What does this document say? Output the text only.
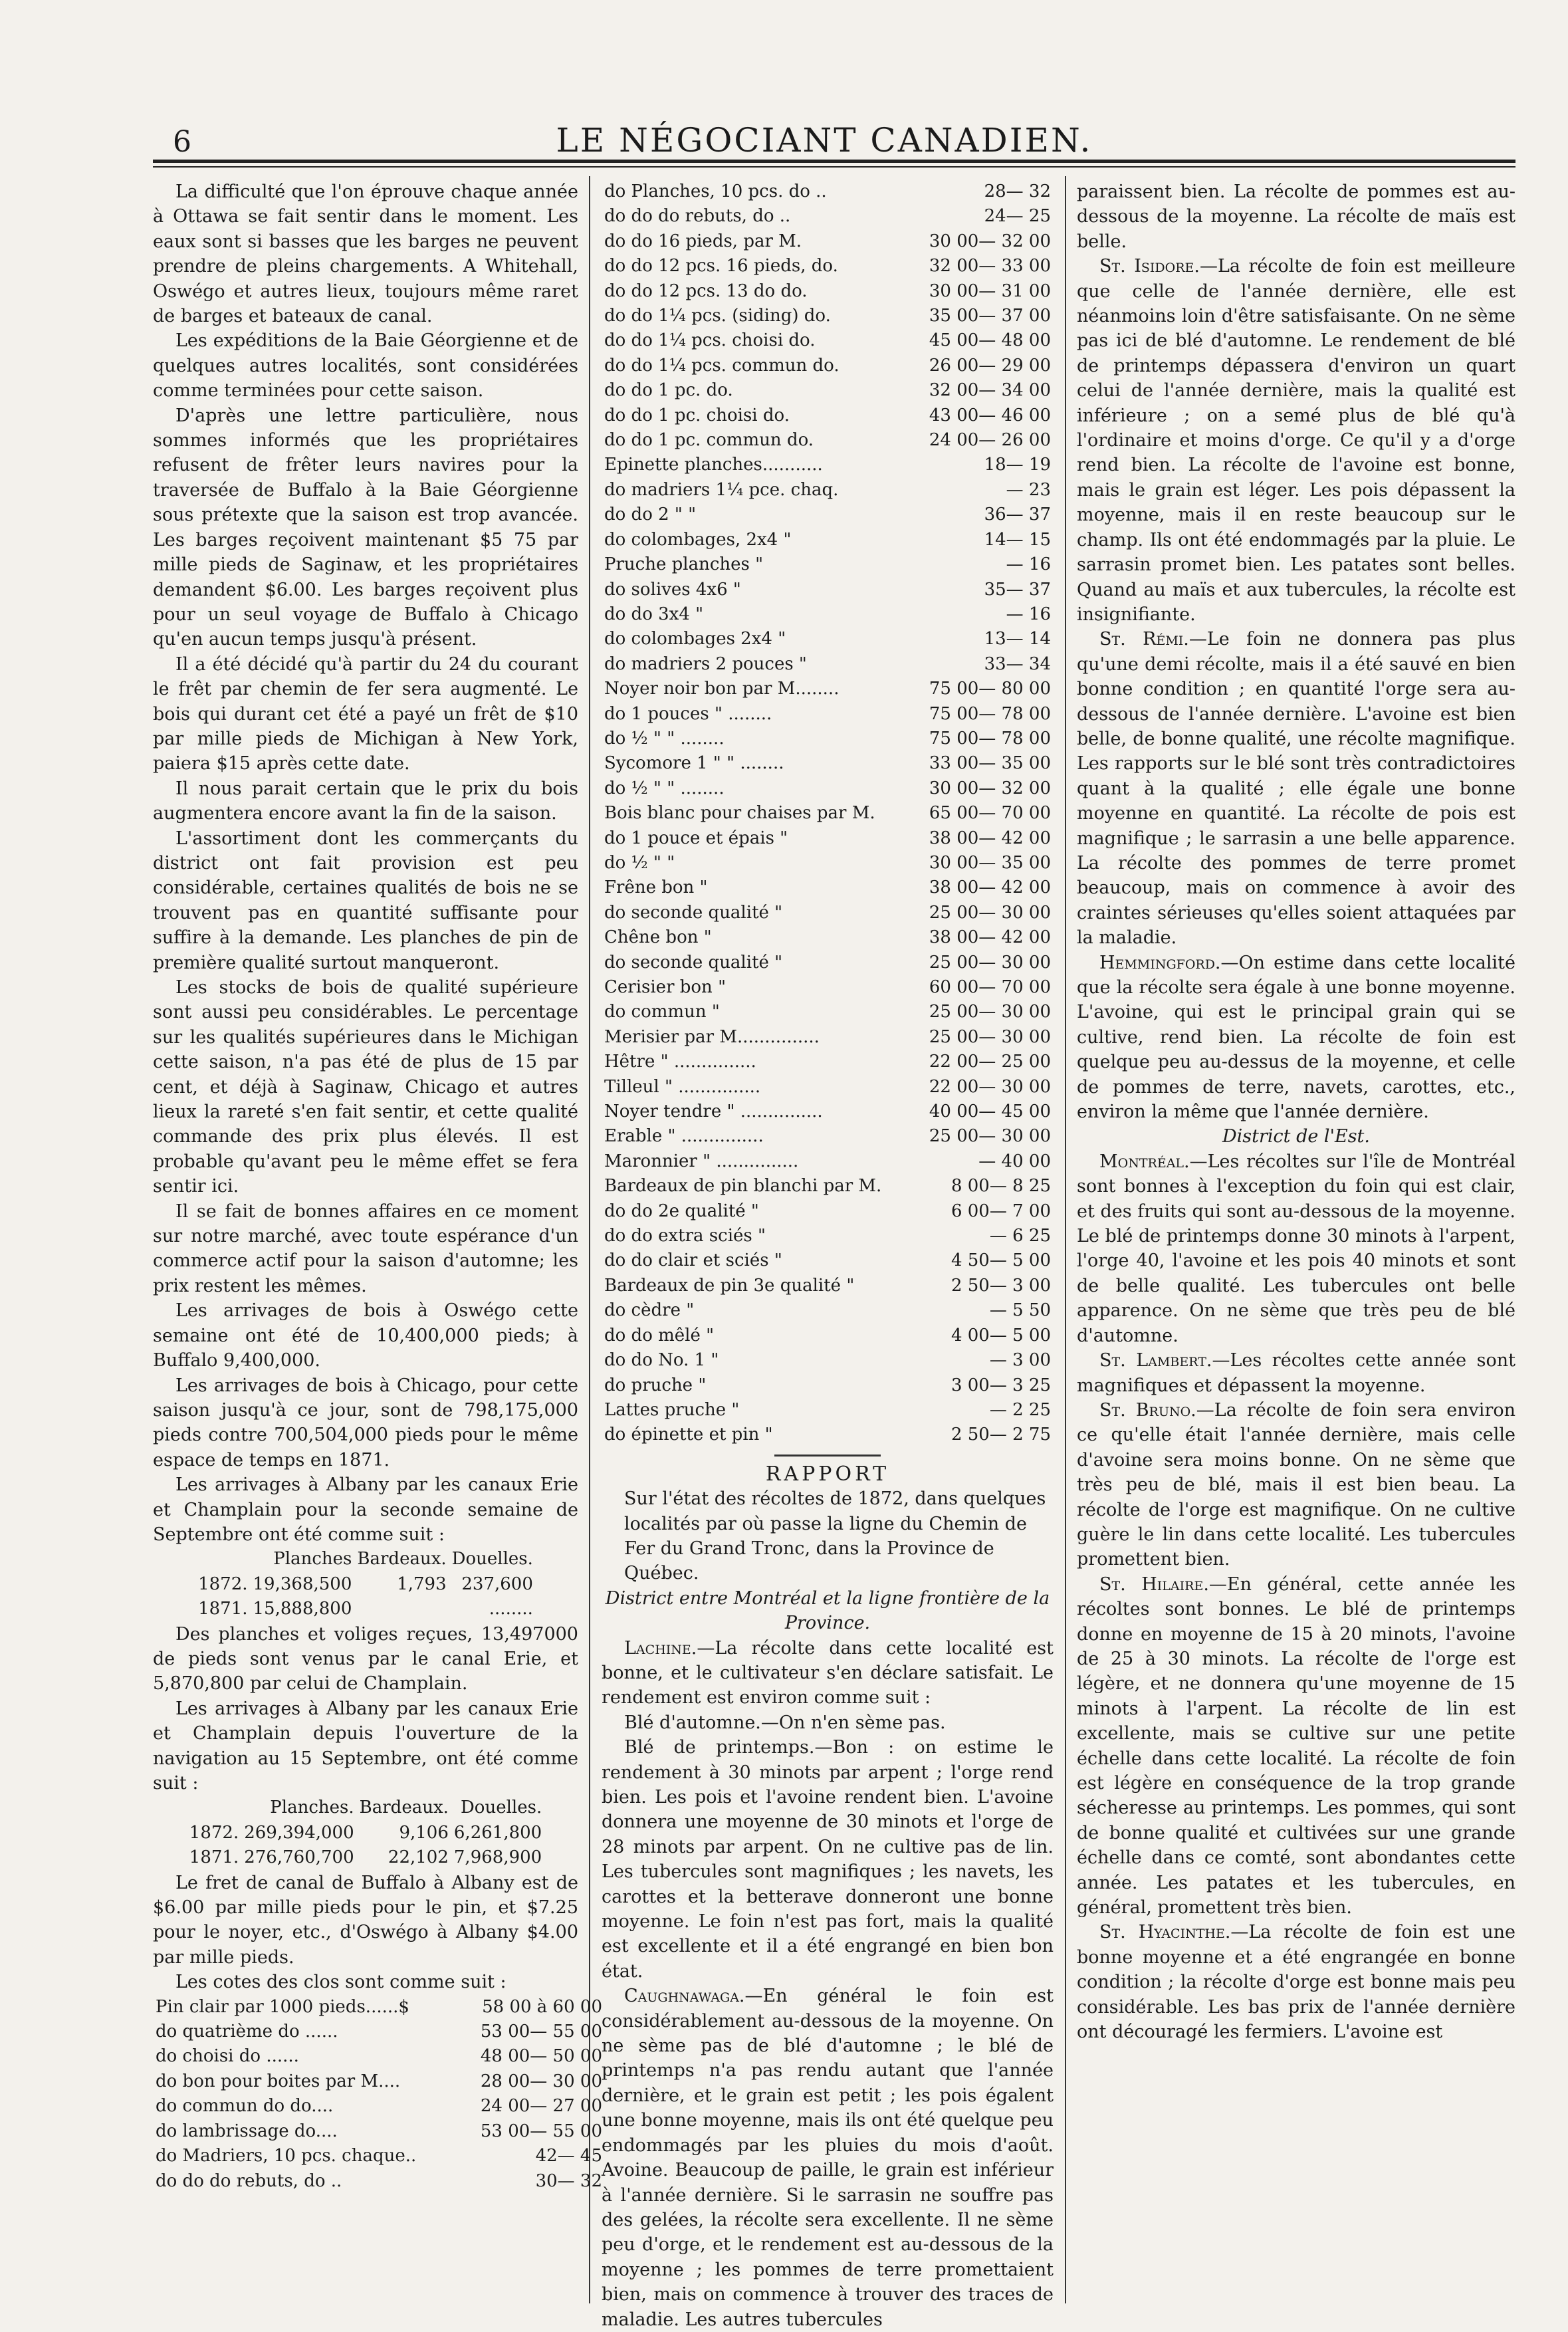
6	LE NÉGOCIANT CANADIEN.

La difficulté que l'on éprouve chaque année à Ottawa se fait sentir dans le moment. Les eaux sont si basses que les barges ne peuvent prendre de pleins chargements. A Whitehall, Oswégo et autres lieux, toujours même raret de barges et bateaux de canal.

Les expéditions de la Baie Géorgienne et de quelques autres localités, sont considérées comme terminées pour cette saison.

D'après une lettre particulière, nous sommes informés que les propriétaires refusent de frêter leurs navires pour la traversée de Buffalo à la Baie Géorgienne sous prétexte que la saison est trop avancée. Les barges reçoivent maintenant $5 75 par mille pieds de Saginaw, et les propriétaires demandent $6.00. Les barges reçoivent plus pour un seul voyage de Buffalo à Chicago qu'en aucun temps jusqu'à présent.

Il a été décidé qu'à partir du 24 du courant le frêt par chemin de fer sera augmenté. Le bois qui durant cet été a payé un frêt de $10 par mille pieds de Michigan à New York, paiera $15 après cette date.

Il nous parait certain que le prix du bois augmentera encore avant la fin de la saison.

L'assortiment dont les commerçants du district ont fait provision est peu considérable, certaines qualités de bois ne se trouvent pas en quantité suffisante pour suffire à la demande. Les planches de pin de première qualité surtout manqueront.

Les stocks de bois de qualité supérieure sont aussi peu considérables. Le percentage sur les qualités supérieures dans le Michigan cette saison, n'a pas été de plus de 15 par cent, et déjà à Saginaw, Chicago et autres lieux la rareté s'en fait sentir, et cette qualité commande des prix plus élevés. Il est probable qu'avant peu le même effet se fera sentir ici.

Il se fait de bonnes affaires en ce moment sur notre marché, avec toute espérance d'un commerce actif pour la saison d'automne; les prix restent les mêmes.

Les arrivages de bois à Oswégo cette semaine ont été de 10,400,000 pieds; à Buffalo 9,400,000.

Les arrivages de bois à Chicago, pour cette saison jusqu'à ce jour, sont de 798,175,000 pieds contre 700,504,000 pieds pour le même espace de temps en 1871.

Les arrivages à Albany par les canaux Erie et Champlain pour la seconde semaine de Septembre ont été comme suit :

	Planches	Bardeaux.	Douelles.
1872.	19,368,500	1,793	237,600
1871.	15,888,800		........

Des planches et voliges reçues, 13,497000 de pieds sont venus par le canal Erie, et 5,870,800 par celui de Champlain.

Les arrivages à Albany par les canaux Erie et Champlain depuis l'ouverture de la navigation au 15 Septembre, ont été comme suit :

	Planches.	Bardeaux.	Douelles.
1872.	269,394,000	9,106	6,261,800
1871.	276,760,700	22,102	7,968,900

Le fret de canal de Buffalo à Albany est de $6.00 par mille pieds pour le pin, et $7.25 pour le noyer, etc., d'Oswégo à Albany $4.00 par mille pieds.

Les cotes des clos sont comme suit :

Pin clair par 1000 pieds......$	58 00 à 60 00
do quatrième do ......	53 00— 55 00
do choisi do ......	48 00— 50 00
do bon pour boites par M....	28 00— 30 00
do commun do do....	24 00— 27 00
do lambrissage do....	53 00— 55 00
do Madriers, 10 pcs. chaque..	42— 45
do do do rebuts, do ..	30— 32
do Planches, 10 pcs. do ..	28— 32
do do do rebuts, do ..	24— 25
do do 16 pieds, par M.	30 00— 32 00
do do 12 pcs. 16 pieds, do.	32 00— 33 00
do do 12 pcs. 13 do do.	30 00— 31 00
do do 1¼ pcs. (siding) do.	35 00— 37 00
do do 1¼ pcs. choisi do.	45 00— 48 00
do do 1¼ pcs. commun do.	26 00— 29 00
do do 1 pc. do.	32 00— 34 00
do do 1 pc. choisi do.	43 00— 46 00
do do 1 pc. commun do.	24 00— 26 00
Epinette planches...........	18— 19
do madriers 1¼ pce. chaq.	— 23
do do 2 " "	36— 37
do colombages, 2x4 "	14— 15
Pruche planches "	— 16
do solives 4x6 "	35— 37
do do 3x4 "	— 16
do colombages 2x4 "	13— 14
do madriers 2 pouces "	33— 34
Noyer noir bon par M........	75 00— 80 00
do 1 pouces " ........	75 00— 78 00
do ½ " " ........	75 00— 78 00
Sycomore 1 " " ........	33 00— 35 00
do ½ " " ........	30 00— 32 00
Bois blanc pour chaises par M.	65 00— 70 00
do 1 pouce et épais "	38 00— 42 00
do ½ " "	30 00— 35 00
Frêne bon "	38 00— 42 00
do seconde qualité "	25 00— 30 00
Chêne bon "	38 00— 42 00
do seconde qualité "	25 00— 30 00
Cerisier bon "	60 00— 70 00
do commun "	25 00— 30 00
Merisier par M...............	25 00— 30 00
Hêtre " ...............	22 00— 25 00
Tilleul " ...............	22 00— 30 00
Noyer tendre " ...............	40 00— 45 00
Erable " ...............	25 00— 30 00
Maronnier " ...............	— 40 00
Bardeaux de pin blanchi par M.	8 00— 8 25
do do 2e qualité "	6 00— 7 00
do do extra sciés "	— 6 25
do do clair et sciés "	4 50— 5 00
Bardeaux de pin 3e qualité "	2 50— 3 00
do cèdre "	— 5 50
do do mêlé "	4 00— 5 00
do do No. 1 "	— 3 00
do pruche "	3 00— 3 25
Lattes pruche "	— 2 25
do épinette et pin "	2 50— 2 75
RAPPORT

Sur l'état des récoltes de 1872, dans quelques localités par où passe la ligne du Chemin de Fer du Grand Tronc, dans la Province de Québec.

District entre Montréal et la ligne frontière de la Province.

Lachine.—La récolte dans cette localité est bonne, et le cultivateur s'en déclare satisfait. Le rendement est environ comme suit :

Blé d'automne.—On n'en sème pas.

Blé de printemps.—Bon : on estime le rendement à 30 minots par arpent ; l'orge rend bien. Les pois et l'avoine rendent bien. L'avoine donnera une moyenne de 30 minots et l'orge de 28 minots par arpent. On ne cultive pas de lin. Les tubercules sont magnifiques ; les navets, les carottes et la betterave donneront une bonne moyenne. Le foin n'est pas fort, mais la qualité est excellente et il a été engrangé en bien bon état.

Caughnawaga.—En général le foin est considérablement au-dessous de la moyenne. On ne sème pas de blé d'automne ; le blé de printemps n'a pas rendu autant que l'année dernière, et le grain est petit ; les pois égalent une bonne moyenne, mais ils ont été quelque peu endommagés par les pluies du mois d'août. Avoine. Beaucoup de paille, le grain est inférieur à l'année dernière. Si le sarrasin ne souffre pas des gelées, la récolte sera excellente. Il ne sème peu d'orge, et le rendement est au-dessous de la moyenne ; les pommes de terre promettaient bien, mais on commence à trouver des traces de maladie. Les autres tubercules

paraissent bien. La récolte de pommes est au-dessous de la moyenne. La récolte de maïs est belle.

St. Isidore.—La récolte de foin est meilleure que celle de l'année dernière, elle est néanmoins loin d'être satisfaisante. On ne sème pas ici de blé d'automne. Le rendement de blé de printemps dépassera d'environ un quart celui de l'année dernière, mais la qualité est inférieure ; on a semé plus de blé qu'à l'ordinaire et moins d'orge. Ce qu'il y a d'orge rend bien. La récolte de l'avoine est bonne, mais le grain est léger. Les pois dépassent la moyenne, mais il en reste beaucoup sur le champ. Ils ont été endommagés par la pluie. Le sarrasin promet bien. Les patates sont belles. Quand au maïs et aux tubercules, la récolte est insignifiante.

St. Rémi.—Le foin ne donnera pas plus qu'une demi récolte, mais il a été sauvé en bien bonne condition ; en quantité l'orge sera au-dessous de l'année dernière. L'avoine est bien belle, de bonne qualité, une récolte magnifique. Les rapports sur le blé sont très contradictoires quant à la qualité ; elle égale une bonne moyenne en quantité. La récolte de pois est magnifique ; le sarrasin a une belle apparence. La récolte des pommes de terre promet beaucoup, mais on commence à avoir des craintes sérieuses qu'elles soient attaquées par la maladie.

Hemmingford.—On estime dans cette localité que la récolte sera égale à une bonne moyenne. L'avoine, qui est le principal grain qui se cultive, rend bien. La récolte de foin est quelque peu au-dessus de la moyenne, et celle de pommes de terre, navets, carottes, etc., environ la même que l'année dernière.

District de l'Est.

Montréal.—Les récoltes sur l'île de Montréal sont bonnes à l'exception du foin qui est clair, et des fruits qui sont au-dessous de la moyenne. Le blé de printemps donne 30 minots à l'arpent, l'orge 40, l'avoine et les pois 40 minots et sont de belle qualité. Les tubercules ont belle apparence. On ne sème que très peu de blé d'automne.

St. Lambert.—Les récoltes cette année sont magnifiques et dépassent la moyenne.

St. Bruno.—La récolte de foin sera environ ce qu'elle était l'année dernière, mais celle d'avoine sera moins bonne. On ne sème que très peu de blé, mais il est bien beau. La récolte de l'orge est magnifique. On ne cultive guère le lin dans cette localité. Les tubercules promettent bien.

St. Hilaire.—En général, cette année les récoltes sont bonnes. Le blé de printemps donne en moyenne de 15 à 20 minots, l'avoine de 25 à 30 minots. La récolte de l'orge est légère, et ne donnera qu'une moyenne de 15 minots à l'arpent. La récolte de lin est excellente, mais se cultive sur une petite échelle dans cette localité. La récolte de foin est légère en conséquence de la trop grande sécheresse au printemps. Les pommes, qui sont de bonne qualité et cultivées sur une grande échelle dans ce comté, sont abondantes cette année. Les patates et les tubercules, en général, promettent très bien.

St. Hyacinthe.—La récolte de foin est une bonne moyenne et a été engrangée en bonne condition ; la récolte d'orge est bonne mais peu considérable. Les bas prix de l'année dernière ont découragé les fermiers. L'avoine est
